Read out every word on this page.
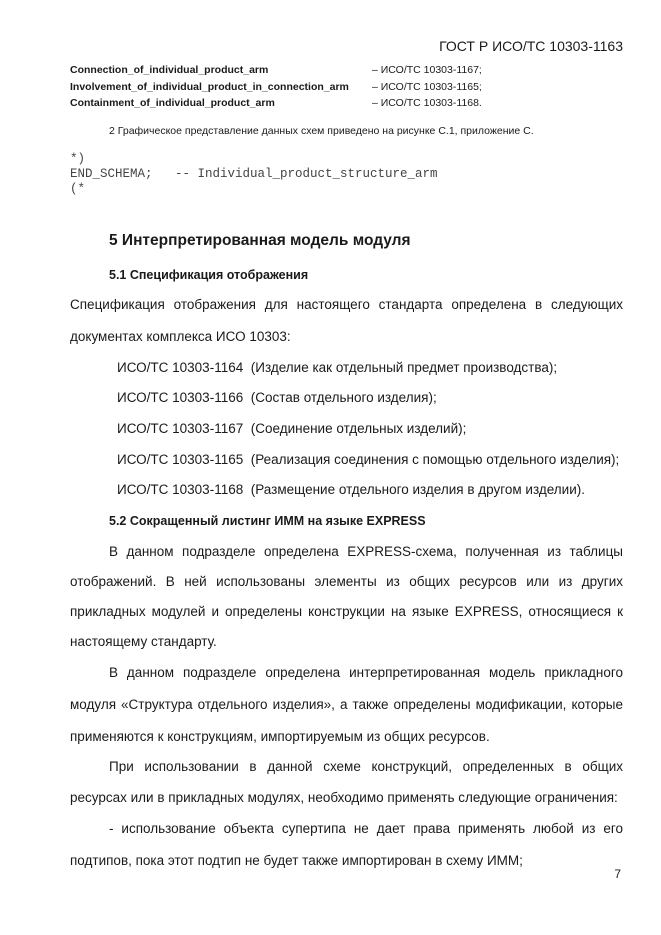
ГОСТ Р ИСО/ТС 10303-1163
Connection_of_individual_product_arm	– ИСО/ТС 10303-1167;
Involvement_of_individual_product_in_connection_arm – ИСО/ТС 10303-1165;
Containment_of_individual_product_arm	– ИСО/ТС 10303-1168.
2 Графическое представление данных схем приведено на рисунке С.1, приложение С.
*)
END_SCHEMA;   -- Individual_product_structure_arm
(*
5 Интерпретированная модель модуля
5.1 Спецификация отображения
Спецификация отображения для настоящего стандарта определена в следующих
документах комплекса ИСО 10303:
ИСО/ТС 10303-1164 (Изделие как отдельный предмет производства);
ИСО/ТС 10303-1166 (Состав отдельного изделия);
ИСО/ТС 10303-1167 (Соединение отдельных изделий);
ИСО/ТС 10303-1165 (Реализация соединения с помощью отдельного изделия);
ИСО/ТС 10303-1168 (Размещение отдельного изделия в другом изделии).
5.2 Сокращенный листинг ИММ на языке EXPRESS
В данном подразделе определена EXPRESS-схема, полученная из таблицы
отображений. В ней использованы элементы из общих ресурсов или из других
прикладных модулей и определены конструкции на языке EXPRESS, относящиеся к
настоящему стандарту.
В данном подразделе определена интерпретированная модель прикладного
модуля «Структура отдельного изделия», а также определены модификации, которые
применяются к конструкциям, импортируемым из общих ресурсов.
При использовании в данной схеме конструкций, определенных в общих
ресурсах или в прикладных модулях, необходимо применять следующие ограничения:
- использование объекта супертипа не дает права применять любой из его
подтипов, пока этот подтип не будет также импортирован в схему ИММ;
7
